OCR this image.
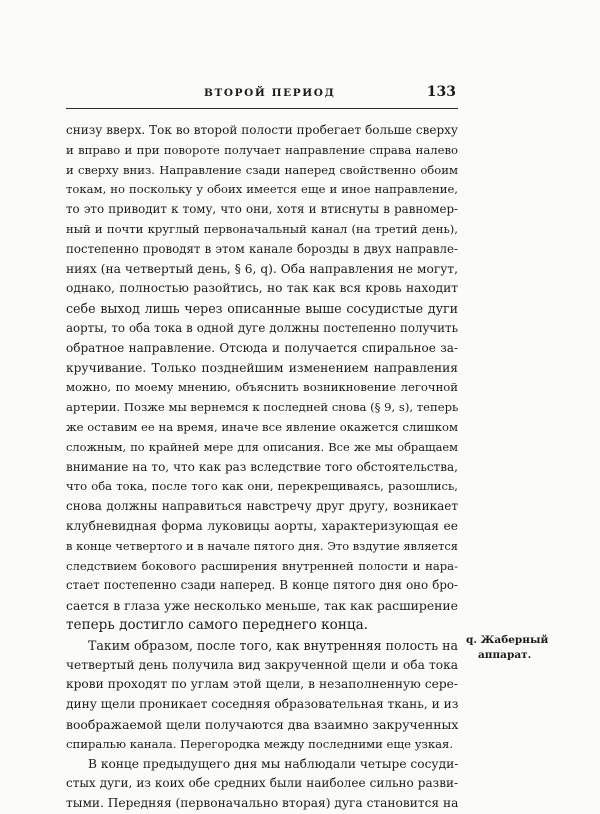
ВТОРОЙ ПЕРИОД	133
снизу вверх. Ток во второй полости пробегает больше сверху
и вправо и при повороте получает направление справа налево
и сверху вниз. Направление сзади наперед свойственно обоим
токам, но поскольку у обоих имеется еще и иное направление,
то это приводит к тому, что они, хотя и втиснуты в равномер-
ный и почти круглый первоначальный канал (на третий день),
постепенно проводят в этом канале борозды в двух направле-
ниях (на четвертый день, § 6, q). Оба направления не могут,
однако, полностью разойтись, но так как вся кровь находит
себе выход лишь через описанные выше сосудистые дуги
аорты, то оба тока в одной дуге должны постепенно получить
обратное направление. Отсюда и получается спиральное за-
кручивание. Только позднейшим изменением направления
можно, по моему мнению, объяснить возникновение легочной
артерии. Позже мы вернемся к последней снова (§ 9, s), теперь
же оставим ее на время, иначе все явление окажется слишком
сложным, по крайней мере для описания. Все же мы обращаем
внимание на то, что как раз вследствие того обстоятельства,
что оба тока, после того как они, перекрещиваясь, разошлись,
снова должны направиться навстречу друг другу, возникает
клубневидная форма луковицы аорты, характеризующая ее
в конце четвертого и в начале пятого дня. Это вздутие является
следствием бокового расширения внутренней полости и нара-
стает постепенно сзади наперед. В конце пятого дня оно бро-
сается в глаза уже несколько меньше, так как расширение
теперь достигло самого переднего конца.
Таким образом, после того, как внутренняя полость на
четвертый день получила вид закрученной щели и оба тока
крови проходят по углам этой щели, в незаполненную сере-
дину щели проникает соседняя образовательная ткань, и из
воображаемой щели получаются два взаимно закрученных
спиралью канала. Перегородка между последними еще узкая.
В конце предыдущего дня мы наблюдали четыре сосуди-
стых дуги, из коих обе средних были наиболее сильно разви-
тыми. Передняя (первоначально вторая) дуга становится на
q. Жаберный
аппарат.
